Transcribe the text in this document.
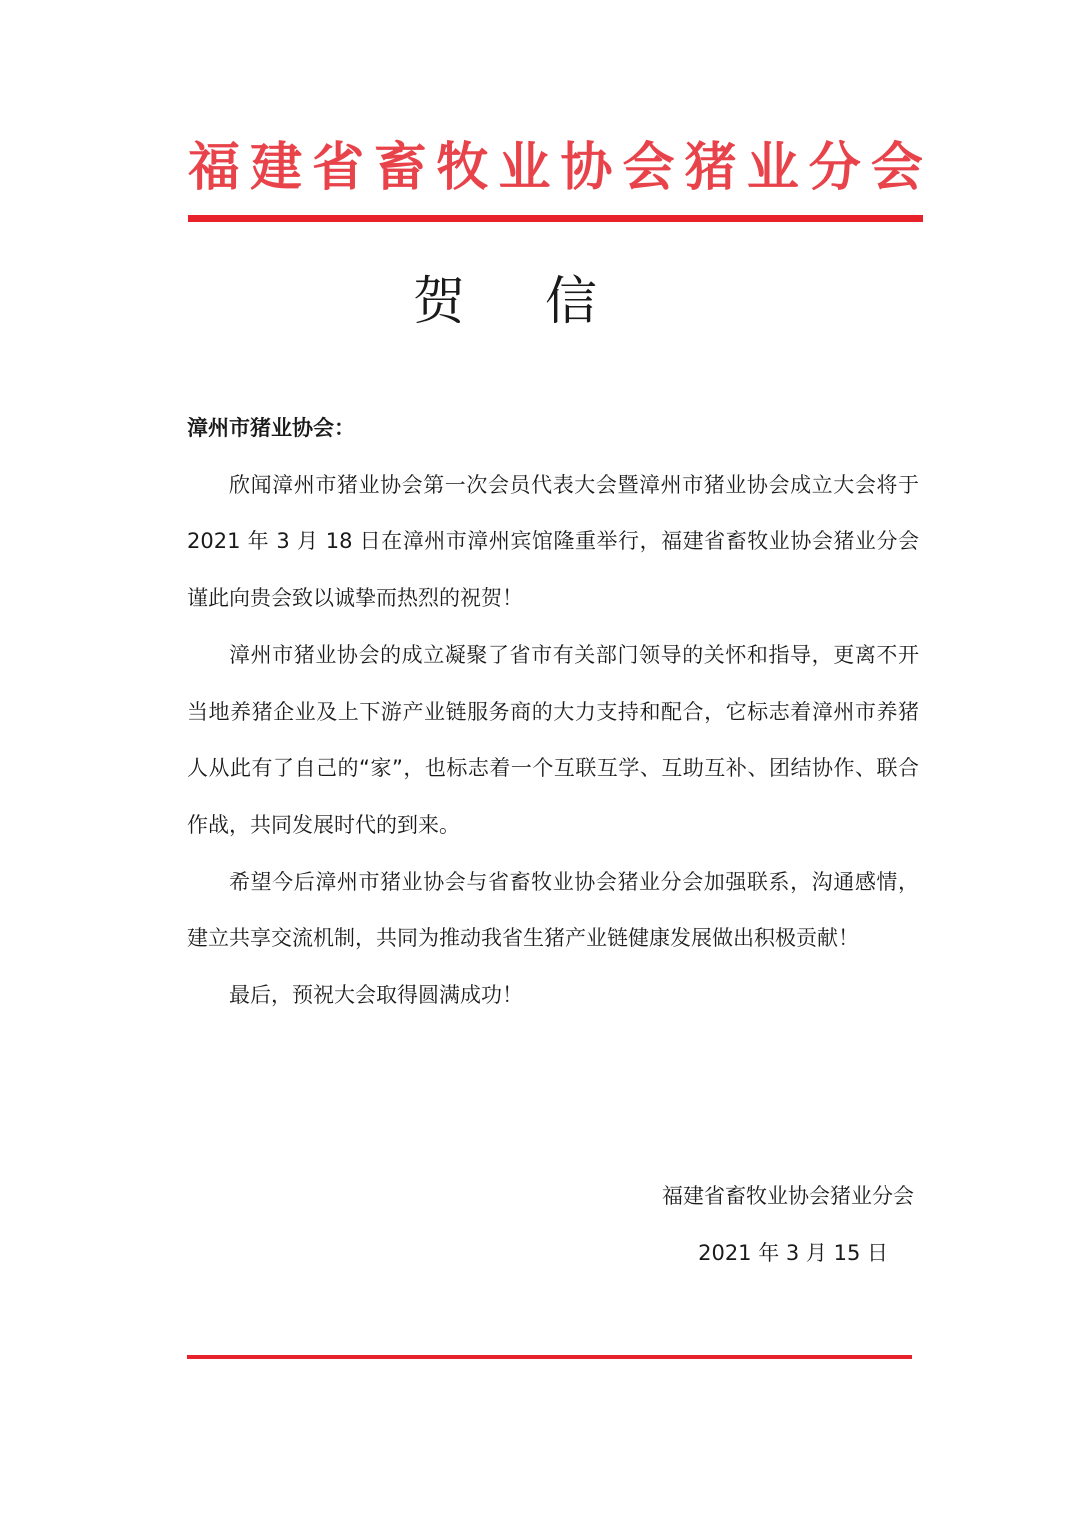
福 建 省 畜 牧 业 协 会 猪 业 分 会
贺信

漳州市猪业协会：

欣闻漳州市猪业协会第一次会员代表大会暨漳州市猪业协会成立大会将于 2021 年 3 月 18 日在漳州市漳州宾馆隆重举行，福建省畜牧业协会猪业分会谨此向贵会致以诚挚而热烈的祝贺！

漳州市猪业协会的成立凝聚了省市有关部门领导的关怀和指导，更离不开当地养猪企业及上下游产业链服务商的大力支持和配合，它标志着漳州市养猪人从此有了自己的“家”，也标志着一个互联互学、互助互补、团结协作、联合作战，共同发展时代的到来。

希望今后漳州市猪业协会与省畜牧业协会猪业分会加强联系，沟通感情，建立共享交流机制，共同为推动我省生猪产业链健康发展做出积极贡献！

最后，预祝大会取得圆满成功！

福建省畜牧业协会猪业分会
2021 年 3 月 15 日
